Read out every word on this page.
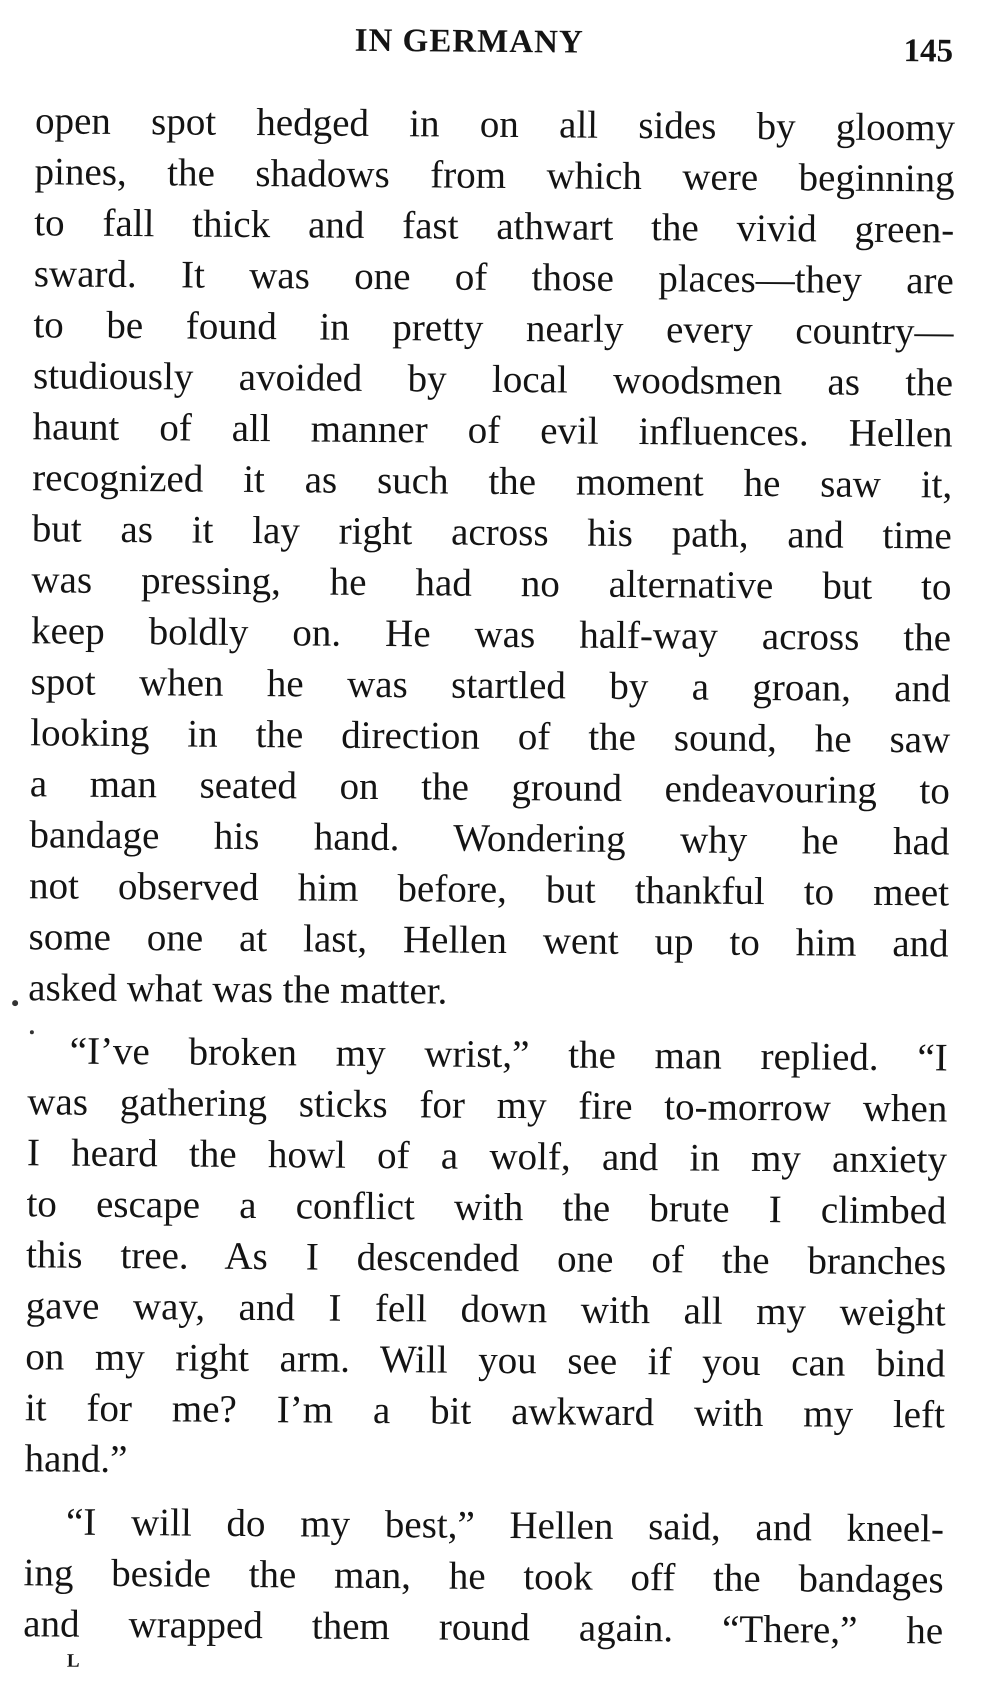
IN GERMANY	145
open spot hedged in on all sides by gloomy
pines, the shadows from which were beginning
to fall thick and fast athwart the vivid green-
sward. It was one of those places—they are
to be found in pretty nearly every country—
studiously avoided by local woodsmen as the
haunt of all manner of evil influences. Hellen
recognized it as such the moment he saw it,
but as it lay right across his path, and time
was pressing, he had no alternative but to
keep boldly on. He was half-way across the
spot when he was startled by a groan, and
looking in the direction of the sound, he saw
a man seated on the ground endeavouring to
bandage his hand. Wondering why he had
not observed him before, but thankful to meet
some one at last, Hellen went up to him and
asked what was the matter.
“I’ve broken my wrist,” the man replied. “I
was gathering sticks for my fire to-morrow when
I heard the howl of a wolf, and in my anxiety
to escape a conflict with the brute I climbed
this tree. As I descended one of the branches
gave way, and I fell down with all my weight
on my right arm. Will you see if you can bind
it for me? I’m a bit awkward with my left
hand.”
“I will do my best,” Hellen said, and kneel-
ing beside the man, he took off the bandages
and wrapped them round again. “There,” he
L
